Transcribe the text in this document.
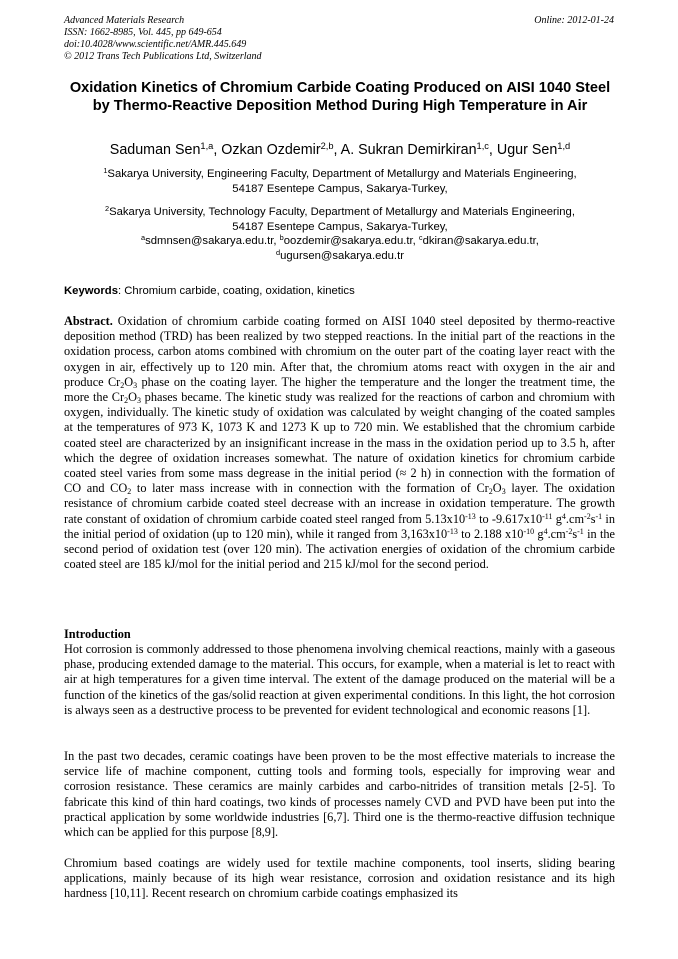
Advanced Materials Research
ISSN: 1662-8985, Vol. 445, pp 649-654
doi:10.4028/www.scientific.net/AMR.445.649
© 2012 Trans Tech Publications Ltd, Switzerland
Online: 2012-01-24
Oxidation Kinetics of Chromium Carbide Coating Produced on AISI 1040 Steel by Thermo-Reactive Deposition Method During High Temperature in Air
Saduman Sen$^{1,a}$, Ozkan Ozdemir$^{2,b}$, A. Sukran Demirkiran$^{1,c}$, Ugur Sen$^{1,d}$
$^1$Sakarya University, Engineering Faculty, Department of Metallurgy and Materials Engineering,
54187 Esentepe Campus, Sakarya-Turkey,
$^2$Sakarya University, Technology Faculty, Department of Metallurgy and Materials Engineering,
54187 Esentepe Campus, Sakarya-Turkey,
$^a$sdmnsen@sakarya.edu.tr, $^b$oozdemir@sakarya.edu.tr, $^c$dkiran@sakarya.edu.tr,
$^d$ugursen@sakarya.edu.tr
Keywords: Chromium carbide, coating, oxidation, kinetics
Abstract. Oxidation of chromium carbide coating formed on AISI 1040 steel deposited by thermo-reactive deposition method (TRD) has been realized by two stepped reactions. In the initial part of the reactions in the oxidation process, carbon atoms combined with chromium on the outer part of the coating layer react with the oxygen in air, effectively up to 120 min. After that, the chromium atoms react with oxygen in the air and produce $Cr_2O_3$ phase on the coating layer. The higher the temperature and the longer the treatment time, the more the $Cr_2O_3$ phases became. The kinetic study was realized for the reactions of carbon and chromium with oxygen, individually. The kinetic study of oxidation was calculated by weight changing of the coated samples at the temperatures of 973 K, 1073 K and 1273 K up to 720 min. We established that the chromium carbide coated steel are characterized by an insignificant increase in the mass in the oxidation period up to 3.5 h, after which the degree of oxidation increases somewhat. The nature of oxidation kinetics for chromium carbide coated steel varies from some mass degrease in the initial period (≈ 2 h) in connection with the formation of CO and $CO_2$ to later mass increase with in connection with the formation of $Cr_2O_3$ layer. The oxidation resistance of chromium carbide coated steel decrease with an increase in oxidation temperature. The growth rate constant of oxidation of chromium carbide coated steel ranged from $5.13x10^{-13}$ to $-9.617x10^{-11}$ $g^4.cm^{-2}s^{-1}$ in the initial period of oxidation (up to 120 min), while it ranged from $3,163x10^{-13}$ to 2.188 $x10^{-10}$ $g^4.cm^{-2}s^{-1}$ in the second period of oxidation test (over 120 min). The activation energies of oxidation of the chromium carbide coated steel are 185 kJ/mol for the initial period and 215 kJ/mol for the second period.
Introduction
Hot corrosion is commonly addressed to those phenomena involving chemical reactions, mainly with a gaseous phase, producing extended damage to the material. This occurs, for example, when a material is let to react with air at high temperatures for a given time interval. The extent of the damage produced on the material will be a function of the kinetics of the gas/solid reaction at given experimental conditions. In this light, the hot corrosion is always seen as a destructive process to be prevented for evident technological and economic reasons [1].
In the past two decades, ceramic coatings have been proven to be the most effective materials to increase the service life of machine component, cutting tools and forming tools, especially for improving wear and corrosion resistance. These ceramics are mainly carbides and carbo-nitrides of transition metals [2-5]. To fabricate this kind of thin hard coatings, two kinds of processes namely CVD and PVD have been put into the practical application by some worldwide industries [6,7]. Third one is the thermo-reactive diffusion technique which can be applied for this purpose [8,9].
Chromium based coatings are widely used for textile machine components, tool inserts, sliding bearing applications, mainly because of its high wear resistance, corrosion and oxidation resistance and its high hardness [10,11]. Recent research on chromium carbide coatings emphasized its
